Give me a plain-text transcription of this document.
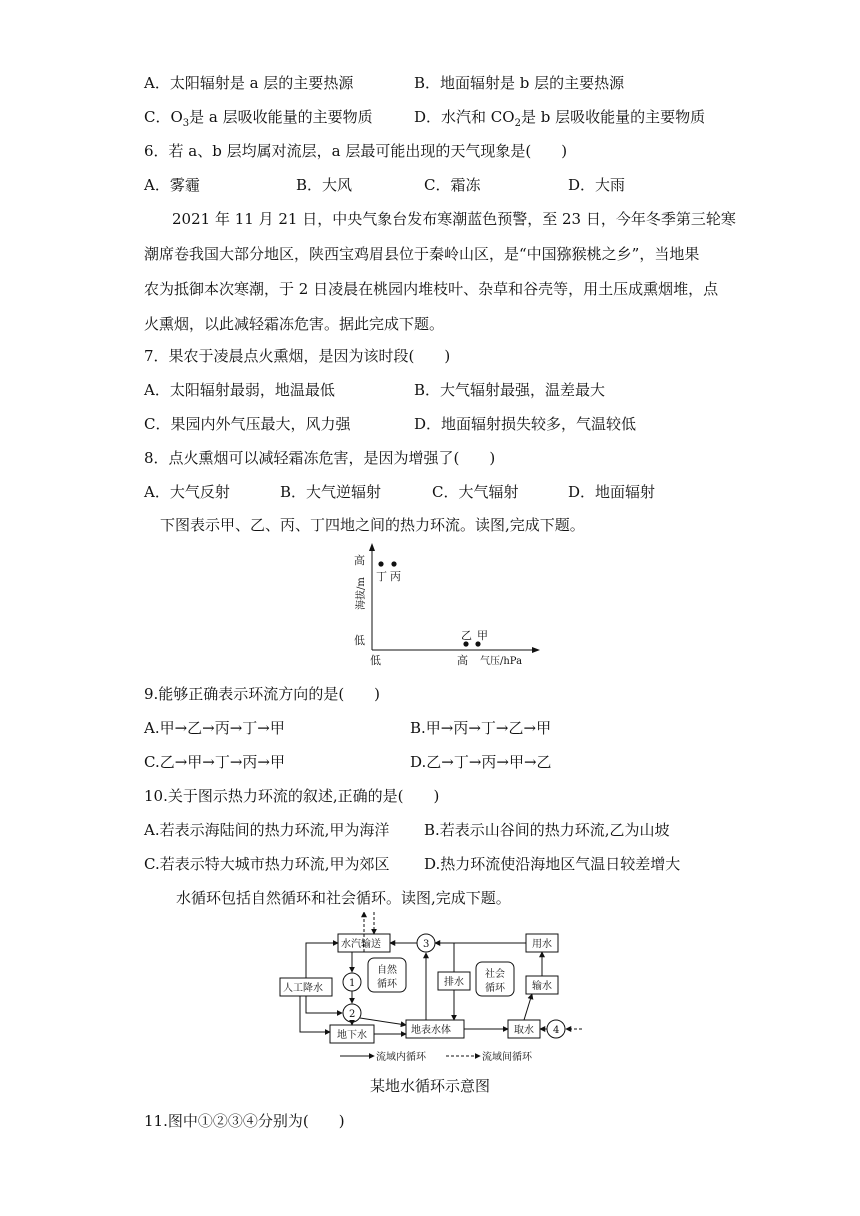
A．太阳辐射是 a 层的主要热源	B．地面辐射是 b 层的主要热源
C．$O_3$是 a 层吸收能量的主要物质	D．水汽和 $CO_2$是 b 层吸收能量的主要物质
6．若 a、b 层均属对流层，a 层最可能出现的天气现象是(　　)
A．雾霾	B．大风	C．霜冻	D．大雨
2021 年 11 月 21 日，中央气象台发布寒潮蓝色预警，至 23 日，今年冬季第三轮寒
潮席卷我国大部分地区，陕西宝鸡眉县位于秦岭山区，是“中国猕猴桃之乡”，当地果
农为抵御本次寒潮，于 2 日凌晨在桃园内堆枝叶、杂草和谷壳等，用土压成熏烟堆，点
火熏烟，以此减轻霜冻危害。据此完成下题。
7．果农于凌晨点火熏烟，是因为该时段(　　)
A．太阳辐射最弱，地温最低	B．大气辐射最强，温差最大
C．果园内外气压最大，风力强	D．地面辐射损失较多，气温较低
8．点火熏烟可以减轻霜冻危害，是因为增强了(　　)
A．大气反射	B．大气逆辐射	C．大气辐射	D．地面辐射
下图表示甲、乙、丙、丁四地之间的热力环流。读图,完成下题。
高
低
海拔/m
低	高 气压/hPa
丁 丙
乙 甲
9.能够正确表示环流方向的是(　　)
A.甲→乙→丙→丁→甲	B.甲→丙→丁→乙→甲
C.乙→甲→丁→丙→甲	D.乙→丁→丙→甲→乙
10.关于图示热力环流的叙述,正确的是(　　)
A.若表示海陆间的热力环流,甲为海洋 B.若表示山谷间的热力环流,乙为山坡
C.若表示特大城市热力环流,甲为郊区 D.热力环流使沿海地区气温日较差增大
水循环包括自然循环和社会循环。读图,完成下题。
水汽输送
人工降水
地下水	地表水体
排水
用水
输水
取水
自然
循环
社会
循环
1
2
3
4
流域内循环	流域间循环
某地水循环示意图
11.图中①②③④分别为(　　)
